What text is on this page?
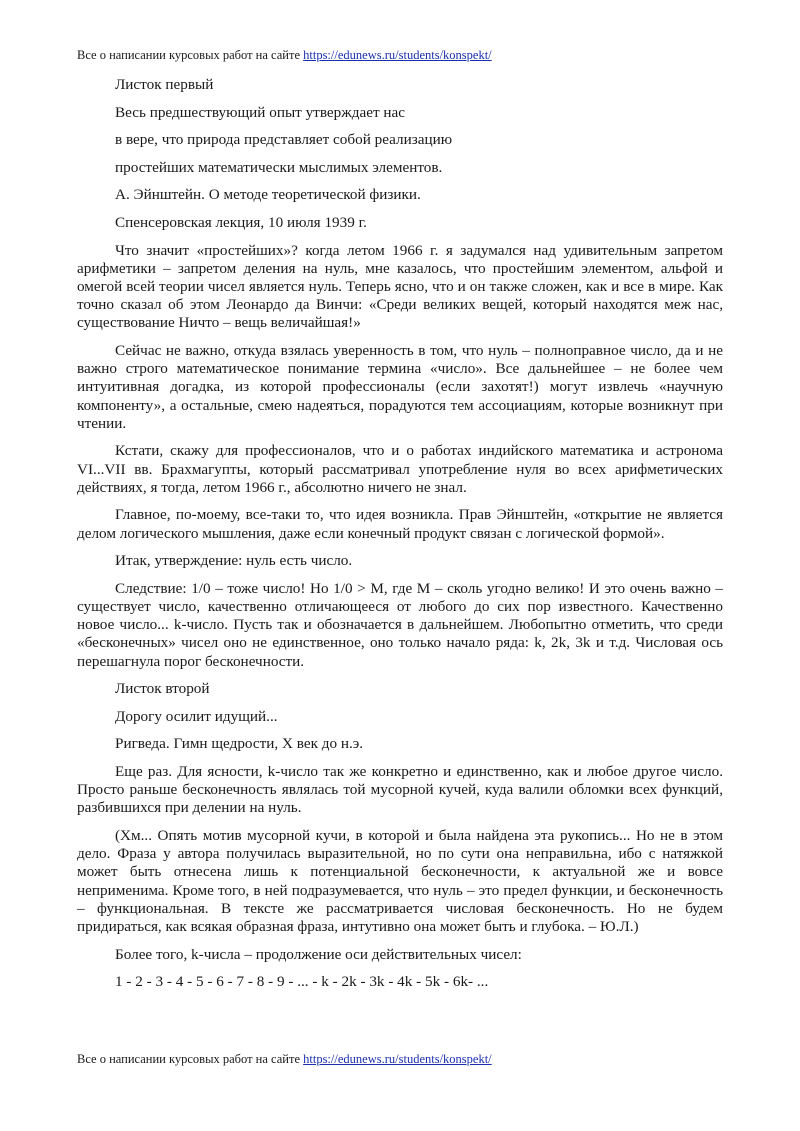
Все о написании курсовых работ на сайте https://edunews.ru/students/konspekt/

Листок первый

Весь предшествующий опыт утверждает нас

в вере, что природа представляет собой реализацию

простейших математически мыслимых элементов.

А. Эйнштейн. О методе теоретической физики.

Спенсеровская лекция, 10 июля 1939 г.

Что значит «простейших»? когда летом 1966 г. я задумался над удивительным запретом арифметики – запретом деления на нуль, мне казалось, что простейшим элементом, альфой и омегой всей теории чисел является нуль. Теперь ясно, что и он также сложен, как и все в мире. Как точно сказал об этом Леонардо да Винчи: «Среди великих вещей, который находятся меж нас, существование Ничто – вещь величайшая!»

Сейчас не важно, откуда взялась уверенность в том, что нуль – полноправное число, да и не важно строго математическое понимание термина «число». Все дальнейшее – не более чем интуитивная догадка, из которой профессионалы (если захотят!) могут извлечь «научную компоненту», а остальные, смею надеяться, порадуются тем ассоциациям, которые возникнут при чтении.

Кстати, скажу для профессионалов, что и о работах индийского математика и астронома VI...VII вв. Брахмагупты, который рассматривал употребление нуля во всех арифметических действиях, я тогда, летом 1966 г., абсолютно ничего не знал.

Главное, по-моему, все-таки то, что идея возникла. Прав Эйнштейн, «открытие не является делом логического мышления, даже если конечный продукт связан с логической формой».

Итак, утверждение: нуль есть число.

Следствие: 1/0 – тоже число! Но 1/0 > M, где М – сколь угодно велико! И это очень важно – существует число, качественно отличающееся от любого до сих пор известного. Качественно новое число... k-число. Пусть так и обозначается в дальнейшем. Любопытно отметить, что среди «бесконечных» чисел оно не единственное, оно только начало ряда: k, 2k, 3k и т.д. Числовая ось перешагнула порог бесконечности.

Листок второй

Дорогу осилит идущий...

Ригведа. Гимн щедрости, X век до н.э.

Еще раз. Для ясности, k-число так же конкретно и единственно, как и любое другое число. Просто раньше бесконечность являлась той мусорной кучей, куда валили обломки всех функций, разбившихся при делении на нуль.

(Хм... Опять мотив мусорной кучи, в которой и была найдена эта рукопись... Но не в этом дело. Фраза у автора получилась выразительной, но по сути она неправильна, ибо с натяжкой может быть отнесена лишь к потенциальной бесконечности, к актуальной же и вовсе неприменима. Кроме того, в ней подразумевается, что нуль – это предел функции, и бесконечность – функциональная. В тексте же рассматривается числовая бесконечность. Но не будем придираться, как всякая образная фраза, интутивно она может быть и глубока. – Ю.Л.)

Более того, k-числа – продолжение оси действительных чисел:

1 - 2 - 3 - 4 - 5 - 6 - 7 - 8 - 9 - ... - k - 2k - 3k - 4k - 5k - 6k- ...

Все о написании курсовых работ на сайте https://edunews.ru/students/konspekt/
